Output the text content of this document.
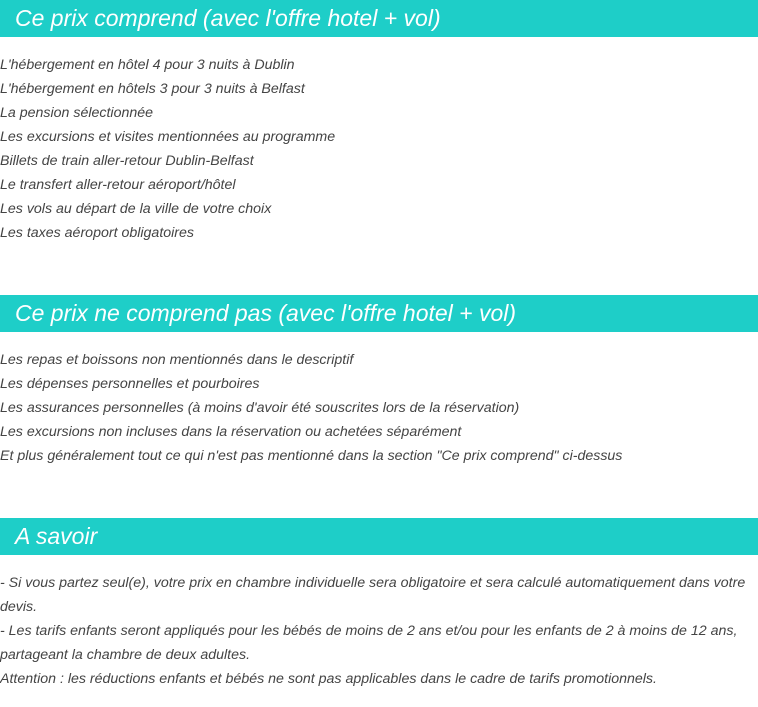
Ce prix comprend (avec l'offre hotel + vol)
L'hébergement en hôtel 4 pour 3 nuits à Dublin
L'hébergement en hôtels 3 pour 3 nuits à Belfast
La pension sélectionnée
Les excursions et visites mentionnées au programme
Billets de train aller-retour Dublin-Belfast
Le transfert aller-retour aéroport/hôtel
Les vols au départ de la ville de votre choix
Les taxes aéroport obligatoires
Ce prix ne comprend pas (avec l'offre hotel + vol)
Les repas et boissons non mentionnés dans le descriptif
Les dépenses personnelles et pourboires
Les assurances personnelles (à moins d'avoir été souscrites lors de la réservation)
Les excursions non incluses dans la réservation ou achetées séparément
Et plus généralement tout ce qui n'est pas mentionné dans la section "Ce prix comprend" ci-dessus
A savoir

- Si vous partez seul(e), votre prix en chambre individuelle sera obligatoire et sera calculé automatiquement dans votre devis.

- Les tarifs enfants seront appliqués pour les bébés de moins de 2 ans et/ou pour les enfants de 2 à moins de 12 ans, partageant la chambre de deux adultes.

Attention : les réductions enfants et bébés ne sont pas applicables dans le cadre de tarifs promotionnels.
